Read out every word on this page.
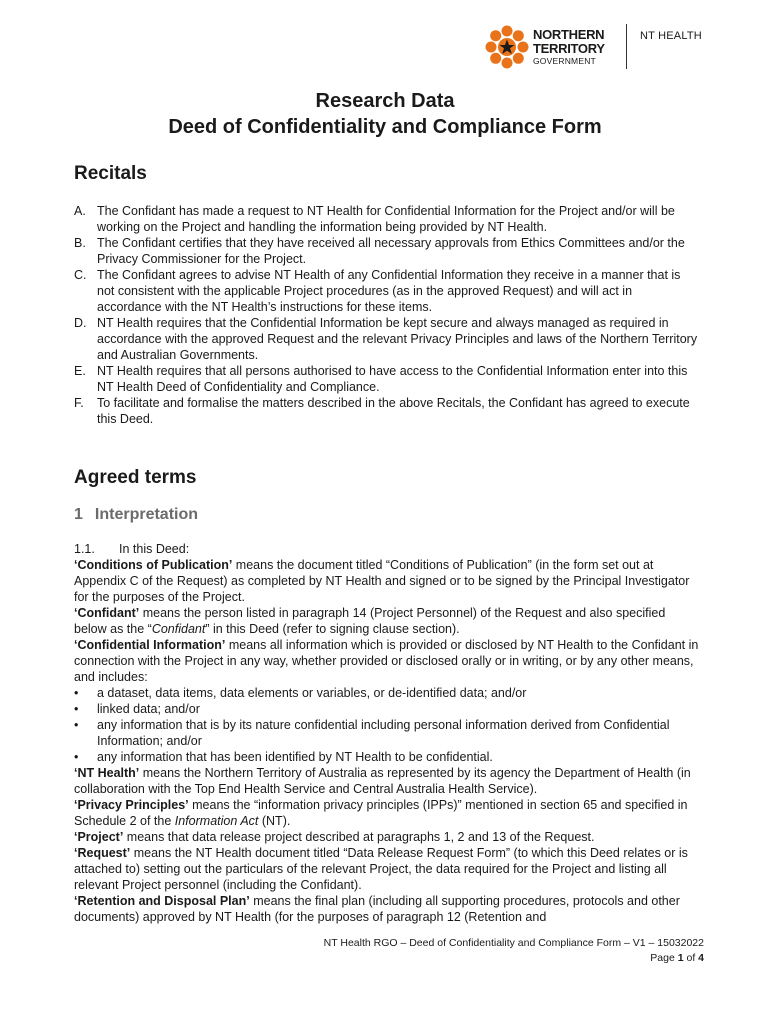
NORTHERN
TERRITORY
GOVERNMENT
NT HEALTH
Research Data
Deed of Confidentiality and Compliance Form
Recitals
A. The Confidant has made a request to NT Health for Confidential Information for the Project and/or will be working on the Project and handling the information being provided by NT Health.
B. The Confidant certifies that they have received all necessary approvals from Ethics Committees and/or the Privacy Commissioner for the Project.
C. The Confidant agrees to advise NT Health of any Confidential Information they receive in a manner that is not consistent with the applicable Project procedures (as in the approved Request) and will act in accordance with the NT Health’s instructions for these items.
D. NT Health requires that the Confidential Information be kept secure and always managed as required in accordance with the approved Request and the relevant Privacy Principles and laws of the Northern Territory and Australian Governments.
E. NT Health requires that all persons authorised to have access to the Confidential Information enter into this NT Health Deed of Confidentiality and Compliance.
F. To facilitate and formalise the matters described in the above Recitals, the Confidant has agreed to execute this Deed.
Agreed terms
1 Interpretation

1.1. In this Deed:

‘Conditions of Publication’ means the document titled “Conditions of Publication” (in the form set out at Appendix C of the Request) as completed by NT Health and signed or to be signed by the Principal Investigator for the purposes of the Project.

‘Confidant’ means the person listed in paragraph 14 (Project Personnel) of the Request and also specified below as the “Confidant” in this Deed (refer to signing clause section).

‘Confidential Information’ means all information which is provided or disclosed by NT Health to the Confidant in connection with the Project in any way, whether provided or disclosed orally or in writing, or by any other means, and includes:

• a dataset, data items, data elements or variables, or de-identified data; and/or
• linked data; and/or
• any information that is by its nature confidential including personal information derived from Confidential Information; and/or
• any information that has been identified by NT Health to be confidential.

‘NT Health’ means the Northern Territory of Australia as represented by its agency the Department of Health (in collaboration with the Top End Health Service and Central Australia Health Service).

‘Privacy Principles’ means the “information privacy principles (IPPs)” mentioned in section 65 and specified in Schedule 2 of the Information Act (NT).

‘Project’ means that data release project described at paragraphs 1, 2 and 13 of the Request.

‘Request’ means the NT Health document titled “Data Release Request Form” (to which this Deed relates or is attached to) setting out the particulars of the relevant Project, the data required for the Project and listing all relevant Project personnel (including the Confidant).

‘Retention and Disposal Plan’ means the final plan (including all supporting procedures, protocols and other documents) approved by NT Health (for the purposes of paragraph 12 (Retention and

NT Health RGO – Deed of Confidentiality and Compliance Form – V1 – 15032022
Page 1 of 4
